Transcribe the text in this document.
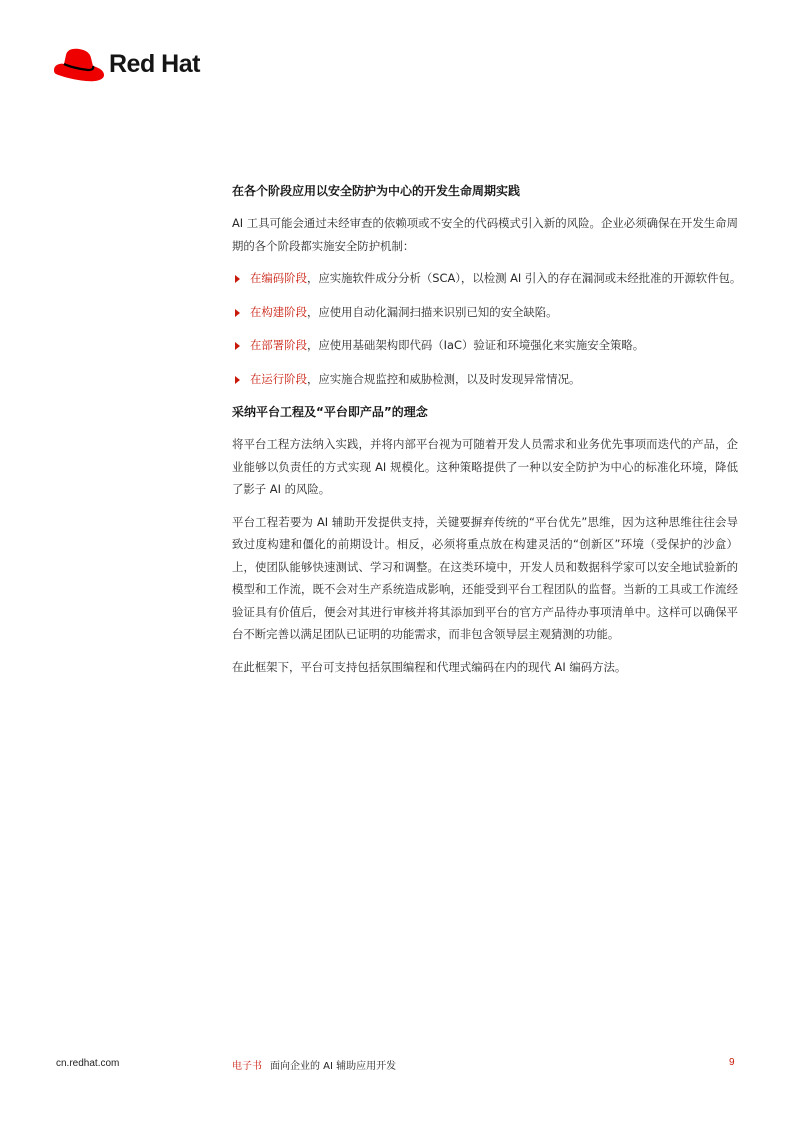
Red Hat
在各个阶段应用以安全防护为中心的开发生命周期实践

AI 工具可能会通过未经审查的依赖项或不安全的代码模式引入新的风险。企业必须确保在开发生命周期的各个阶段都实施安全防护机制：

在编码阶段，应实施软件成分分析（SCA），以检测 AI 引入的存在漏洞或未经批准的开源软件包。
在构建阶段，应使用自动化漏洞扫描来识别已知的安全缺陷。
在部署阶段，应使用基础架构即代码（IaC）验证和环境强化来实施安全策略。
在运行阶段，应实施合规监控和威胁检测，以及时发现异常情况。
采纳平台工程及“平台即产品”的理念

将平台工程方法纳入实践，并将内部平台视为可随着开发人员需求和业务优先事项而迭代的产品，企业能够以负责任的方式实现 AI 规模化。这种策略提供了一种以安全防护为中心的标准化环境，降低了影子 AI 的风险。

平台工程若要为 AI 辅助开发提供支持，关键要摒弃传统的“平台优先”思维，因为这种思维往往会导致过度构建和僵化的前期设计。相反，必须将重点放在构建灵活的“创新区”环境（受保护的沙盒）上，使团队能够快速测试、学习和调整。在这类环境中，开发人员和数据科学家可以安全地试验新的模型和工作流，既不会对生产系统造成影响，还能受到平台工程团队的监督。当新的工具或工作流经验证具有价值后，便会对其进行审核并将其添加到平台的官方产品待办事项清单中。这样可以确保平台不断完善以满足团队已证明的功能需求，而非包含领导层主观猜测的功能。

在此框架下，平台可支持包括氛围编程和代理式编码在内的现代 AI 编码方法。

cn.redhat.com	电子书 面向企业的 AI 辅助应用开发	9
